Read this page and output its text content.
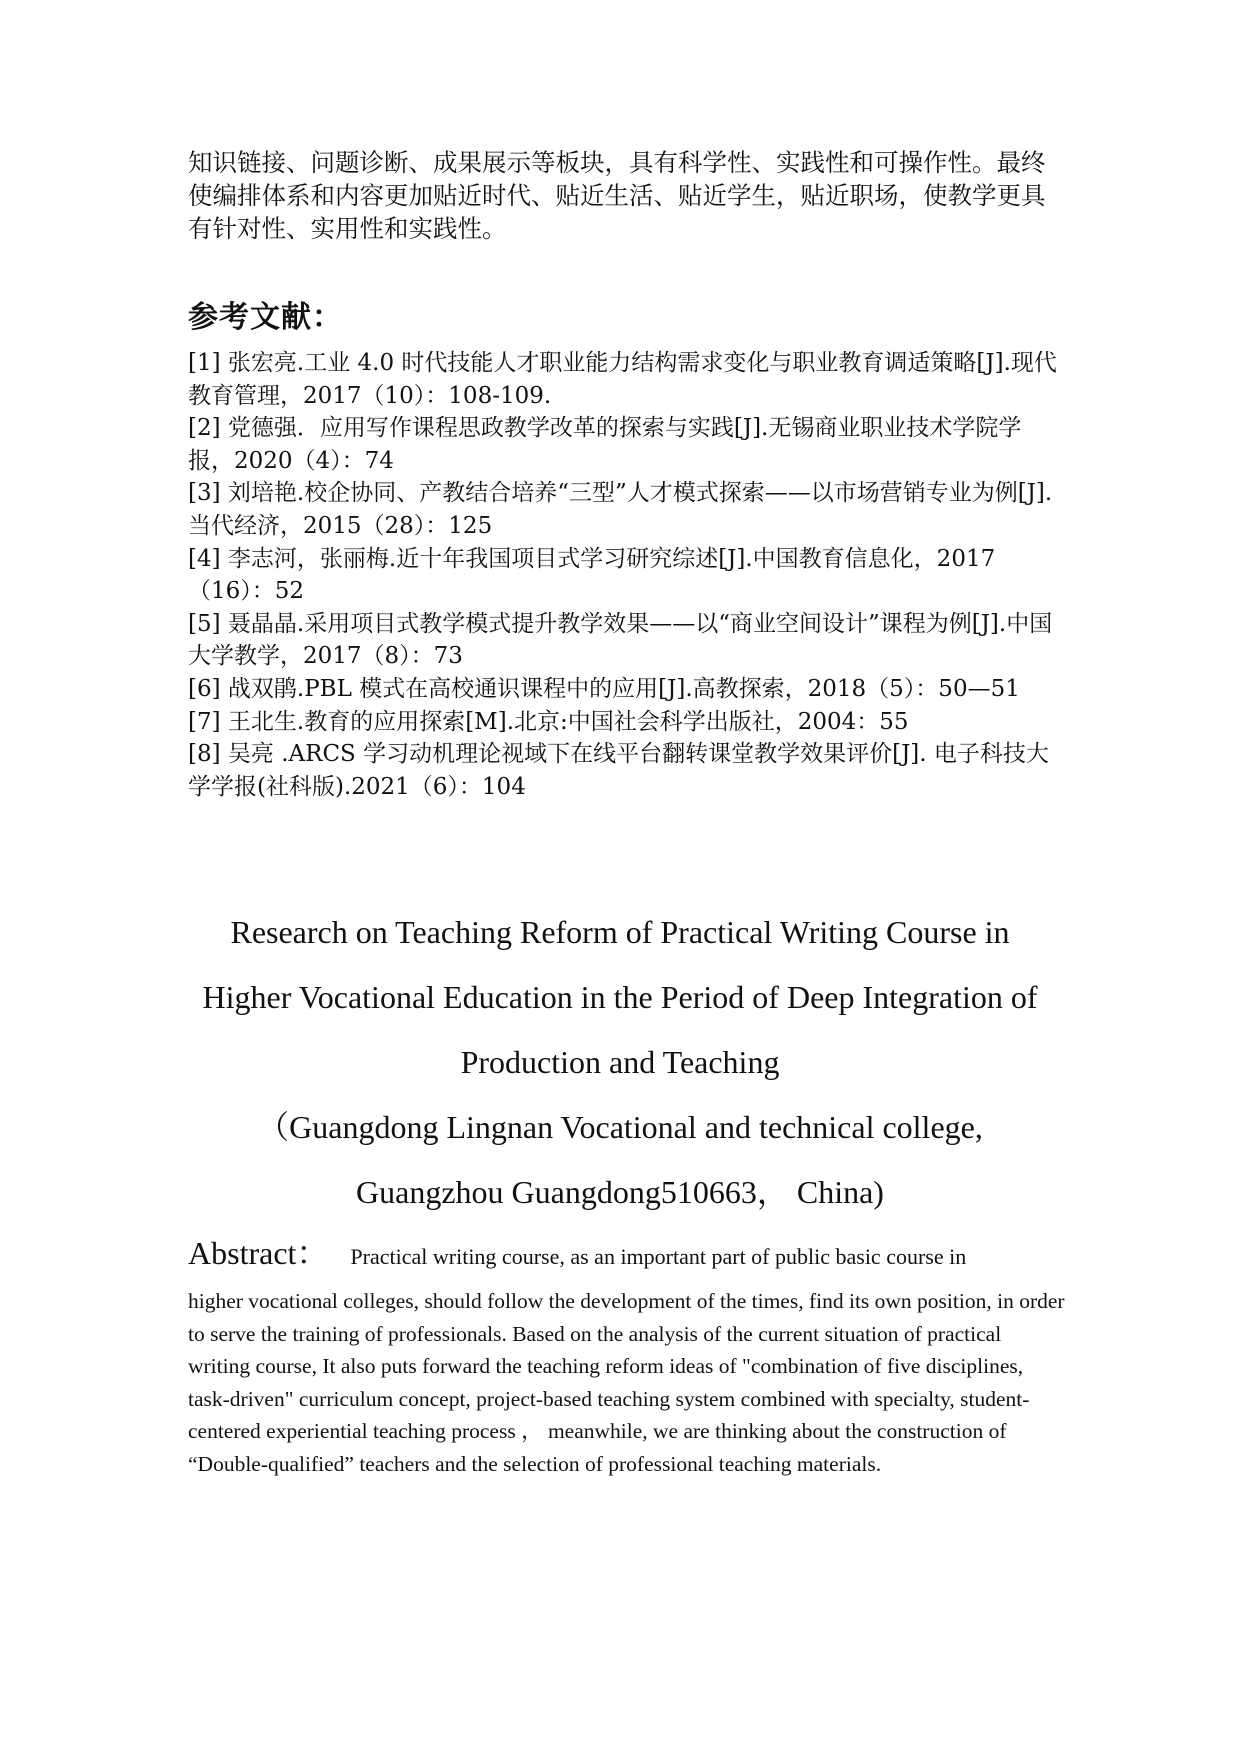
知识链接、问题诊断、成果展示等板块，具有科学性、实践性和可操作性。最终使编排体系和内容更加贴近时代、贴近生活、贴近学生，贴近职场，使教学更具有针对性、实用性和实践性。

参考文献：
[1] 张宏亮.工业 4.0 时代技能人才职业能力结构需求变化与职业教育调适策略[J].现代教育管理，2017（10）：108-109.
[2] 党德强．应用写作课程思政教学改革的探索与实践[J].无锡商业职业技术学院学报，2020（4）：74
[3] 刘培艳.校企协同、产教结合培养“三型”人才模式探索——以市场营销专业为例[J].当代经济，2015（28）：125
[4] 李志河，张丽梅.近十年我国项目式学习研究综述[J].中国教育信息化，2017（16）：52
[5] 聂晶晶.采用项目式教学模式提升教学效果——以“商业空间设计”课程为例[J].中国大学教学，2017（8）：73
[6] 战双鹃.PBL 模式在高校通识课程中的应用[J].高教探索，2018（5）：50—51
[7] 王北生.教育的应用探索[M].北京:中国社会科学出版社，2004：55
[8] 吴亮 .ARCS 学习动机理论视域下在线平台翻转课堂教学效果评价[J]. 电子科技大学学报(社科版).2021（6）：104

Research on Teaching Reform of Practical Writing Course in

Higher Vocational Education in the Period of Deep Integration of

Production and Teaching

（Guangdong Lingnan Vocational and technical college,

Guangzhou Guangdong510663， China)

Abstract： Practical writing course, as an important part of public basic course in

higher vocational colleges, should follow the development of the times, find its own position, in order to serve the training of professionals. Based on the analysis of the current situation of practical writing course, It also puts forward the teaching reform ideas of "combination of five disciplines, task-driven" curriculum concept, project-based teaching system combined with specialty, student-centered experiential teaching process ， meanwhile, we are thinking about the construction of “Double-qualified” teachers and the selection of professional teaching materials.
